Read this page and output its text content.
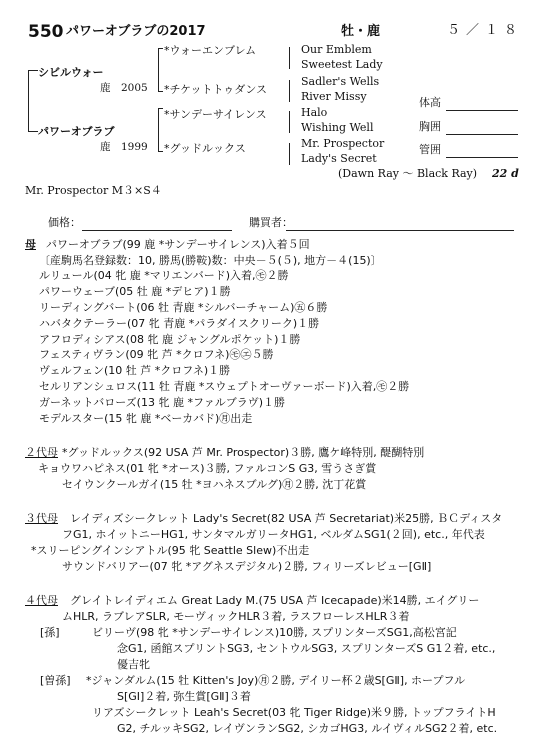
550 パワーオブラブの2017	牡・鹿	５／１８
シビルウォー
鹿　2005
パワーオブラブ
鹿　1999
*ウォーエンブレム
*チケットトゥダンス
*サンデーサイレンス
*グッドルックス
Our Emblem
Sweetest Lady
Sadler's Wells
River Missy
Halo
Wishing Well
Mr. Prospector
Lady's Secret
(Dawn Ray ～ Black Ray) 22 d
体高
胸囲
管囲
Mr. Prospector M３×S４
価格：	購買者：
母 パワーオブラブ(99 鹿 *サンデーサイレンス)入着５回
〔産駒馬名登録数：10, 勝馬(勝鞍)数：中央－５(５), 地方－４(15)〕
ルリュール(04 牝 鹿 *マリエンバード)入着,㋲２勝
パワーウェーブ(05 牡 鹿 *デヒア)１勝
リーディングバート(06 牡 青鹿 *シルバーチャーム)㊄６勝
ハバタクテーラー(07 牝 青鹿 *パラダイスクリーク)１勝
アフロディシアス(08 牝 鹿 ジャングルポケット)１勝
フェスティヴラン(09 牝 芦 *クロフネ)㋲㋓５勝
ヴェルフェン(10 牡 芦 *クロフネ)１勝
セルリアンシュロス(11 牡 青鹿 *スウェプトオーヴァーボード)入着,㋲２勝
ガーネットバローズ(13 牝 鹿 *ファルブラヴ)１勝
モデルスター(15 牝 鹿 *ベーカバド)㊊出走
２代母 *グッドルックス(92 USA 芦 Mr. Prospector)３勝, 鷹ケ峰特別, 醍醐特別
キョウワハピネス(01 牝 *オース)３勝, ファルコンS G3, 雪うさぎ賞
セイウンクールガイ(15 牡 *ヨハネスブルグ)㊊２勝, 沈丁花賞
３代母 レイディズシークレット Lady's Secret(82 USA 芦 Secretariat)米25勝, ＢＣディスタ
フG1, ホイットニーHG1, サンタマルガリータHG1, ベルダムSG1(２回), etc., 年代表
*スリーピングインシアトル(95 牝 Seattle Slew)不出走
サウンドバリアー(07 牝 *アグネスデジタル)２勝, フィリーズレビュー[GⅡ]
４代母 グレイトレイディエム Great Lady M.(75 USA 芦 Icecapade)米14勝, エイグリー
ムHLR, ラブレアSLR, モーヴィックHLR３着, ラスフローレスHLR３着
[孫]	ビリーヴ(98 牝 *サンデーサイレンス)10勝, スプリンターズSG1,高松宮記
念G1, 函館スプリントSG3, セントウルSG3, スプリンターズS G1２着, etc.,
優吉牝
[曽孫] *ジャンダルム(15 牡 Kitten's Joy)㊊２勝, デイリー杯２歳S[GⅡ], ホープフル
S[GⅠ]２着, 弥生賞[GⅡ]３着
リアズシークレット Leah's Secret(03 牝 Tiger Ridge)米９勝, トップフライトH
G2, チルッキSG2, レイヴンランSG2, シカゴHG3, ルイヴィルSG2２着, etc.
